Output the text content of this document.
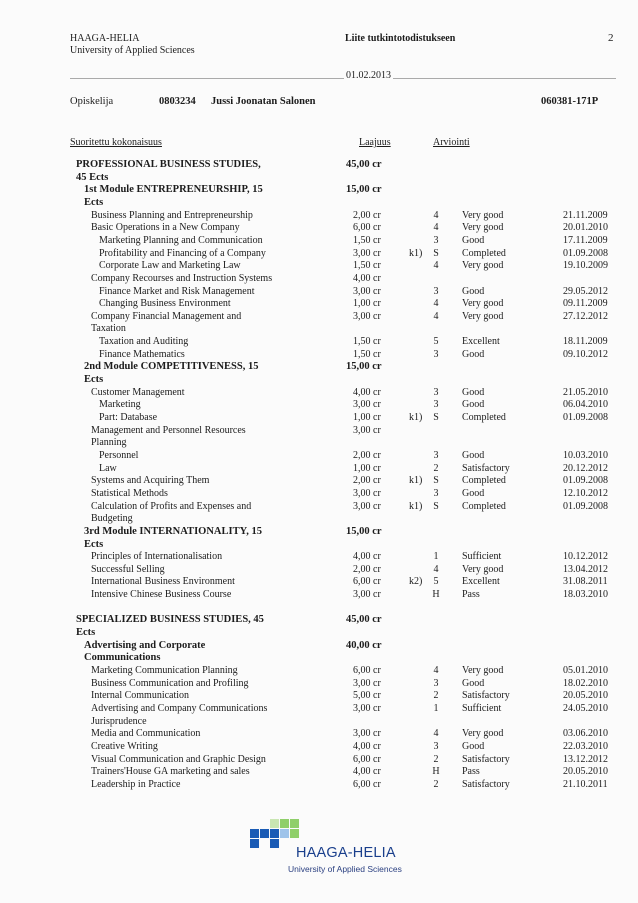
HAAGA-HELIA
University of Applied Sciences
Liite tutkintotodistukseen	2
01.02.2013
Opiskelija	0803234 Jussi Joonatan Salonen	060381-171P
Suoritettu kokonaisuus	Laajuus	Arviointi
PROFESSIONAL BUSINESS STUDIES,	45,00 cr
45 Ects
1st Module ENTREPRENEURSHIP, 15	15,00 cr
Ects
Business Planning and Entrepreneurship	2,00 cr	4 Very good	21.11.2009
Basic Operations in a New Company	6,00 cr	4 Very good	20.01.2010
Marketing Planning and Communication	1,50 cr	3 Good	17.11.2009
Profitability and Financing of a Company	3,00 cr	k1) S Completed	01.09.2008
Corporate Law and Marketing Law	1,50 cr	4 Very good	19.10.2009
Company Recourses and Instruction Systems	4,00 cr
Finance Market and Risk Management	3,00 cr	3 Good	29.05.2012
Changing Business Environment	1,00 cr	4 Very good	09.11.2009
Company Financial Management and	3,00 cr	4 Very good	27.12.2012
Taxation
Taxation and Auditing	1,50 cr	5 Excellent	18.11.2009
Finance Mathematics	1,50 cr	3 Good	09.10.2012
2nd Module COMPETITIVENESS, 15	15,00 cr
Ects
Customer Management	4,00 cr	3 Good	21.05.2010
Marketing	3,00 cr	3 Good	06.04.2010
Part: Database	1,00 cr	k1) S Completed	01.09.2008
Management and Personnel Resources	3,00 cr
Planning
Personnel	2,00 cr	3 Good	10.03.2010
Law	1,00 cr	2 Satisfactory	20.12.2012
Systems and Acquiring Them	2,00 cr	k1) S Completed	01.09.2008
Statistical Methods	3,00 cr	3 Good	12.10.2012
Calculation of Profits and Expenses and	3,00 cr	k1) S Completed	01.09.2008
Budgeting
3rd Module INTERNATIONALITY, 15	15,00 cr
Ects
Principles of Internationalisation	4,00 cr	1 Sufficient	10.12.2012
Successful Selling	2,00 cr	4 Very good	13.04.2012
International Business Environment	6,00 cr	k2) 5 Excellent	31.08.2011
Intensive Chinese Business Course	3,00 cr	H Pass	18.03.2010
SPECIALIZED BUSINESS STUDIES, 45	45,00 cr
Ects
Advertising and Corporate	40,00 cr
Communications
Marketing Communication Planning	6,00 cr	4 Very good	05.01.2010
Business Communication and Profiling	3,00 cr	3 Good	18.02.2010
Internal Communication	5,00 cr	2 Satisfactory	20.05.2010
Advertising and Company Communications	3,00 cr	1 Sufficient	24.05.2010
Jurisprudence
Media and Communication	3,00 cr	4 Very good	03.06.2010
Creative Writing	4,00 cr	3 Good	22.03.2010
Visual Communication and Graphic Design	6,00 cr	2 Satisfactory	13.12.2012
Trainers'House GA marketing and sales	4,00 cr	H Pass	20.05.2010
Leadership in Practice	6,00 cr	2 Satisfactory	21.10.2011
HAAGA-HELIA
University of Applied Sciences
